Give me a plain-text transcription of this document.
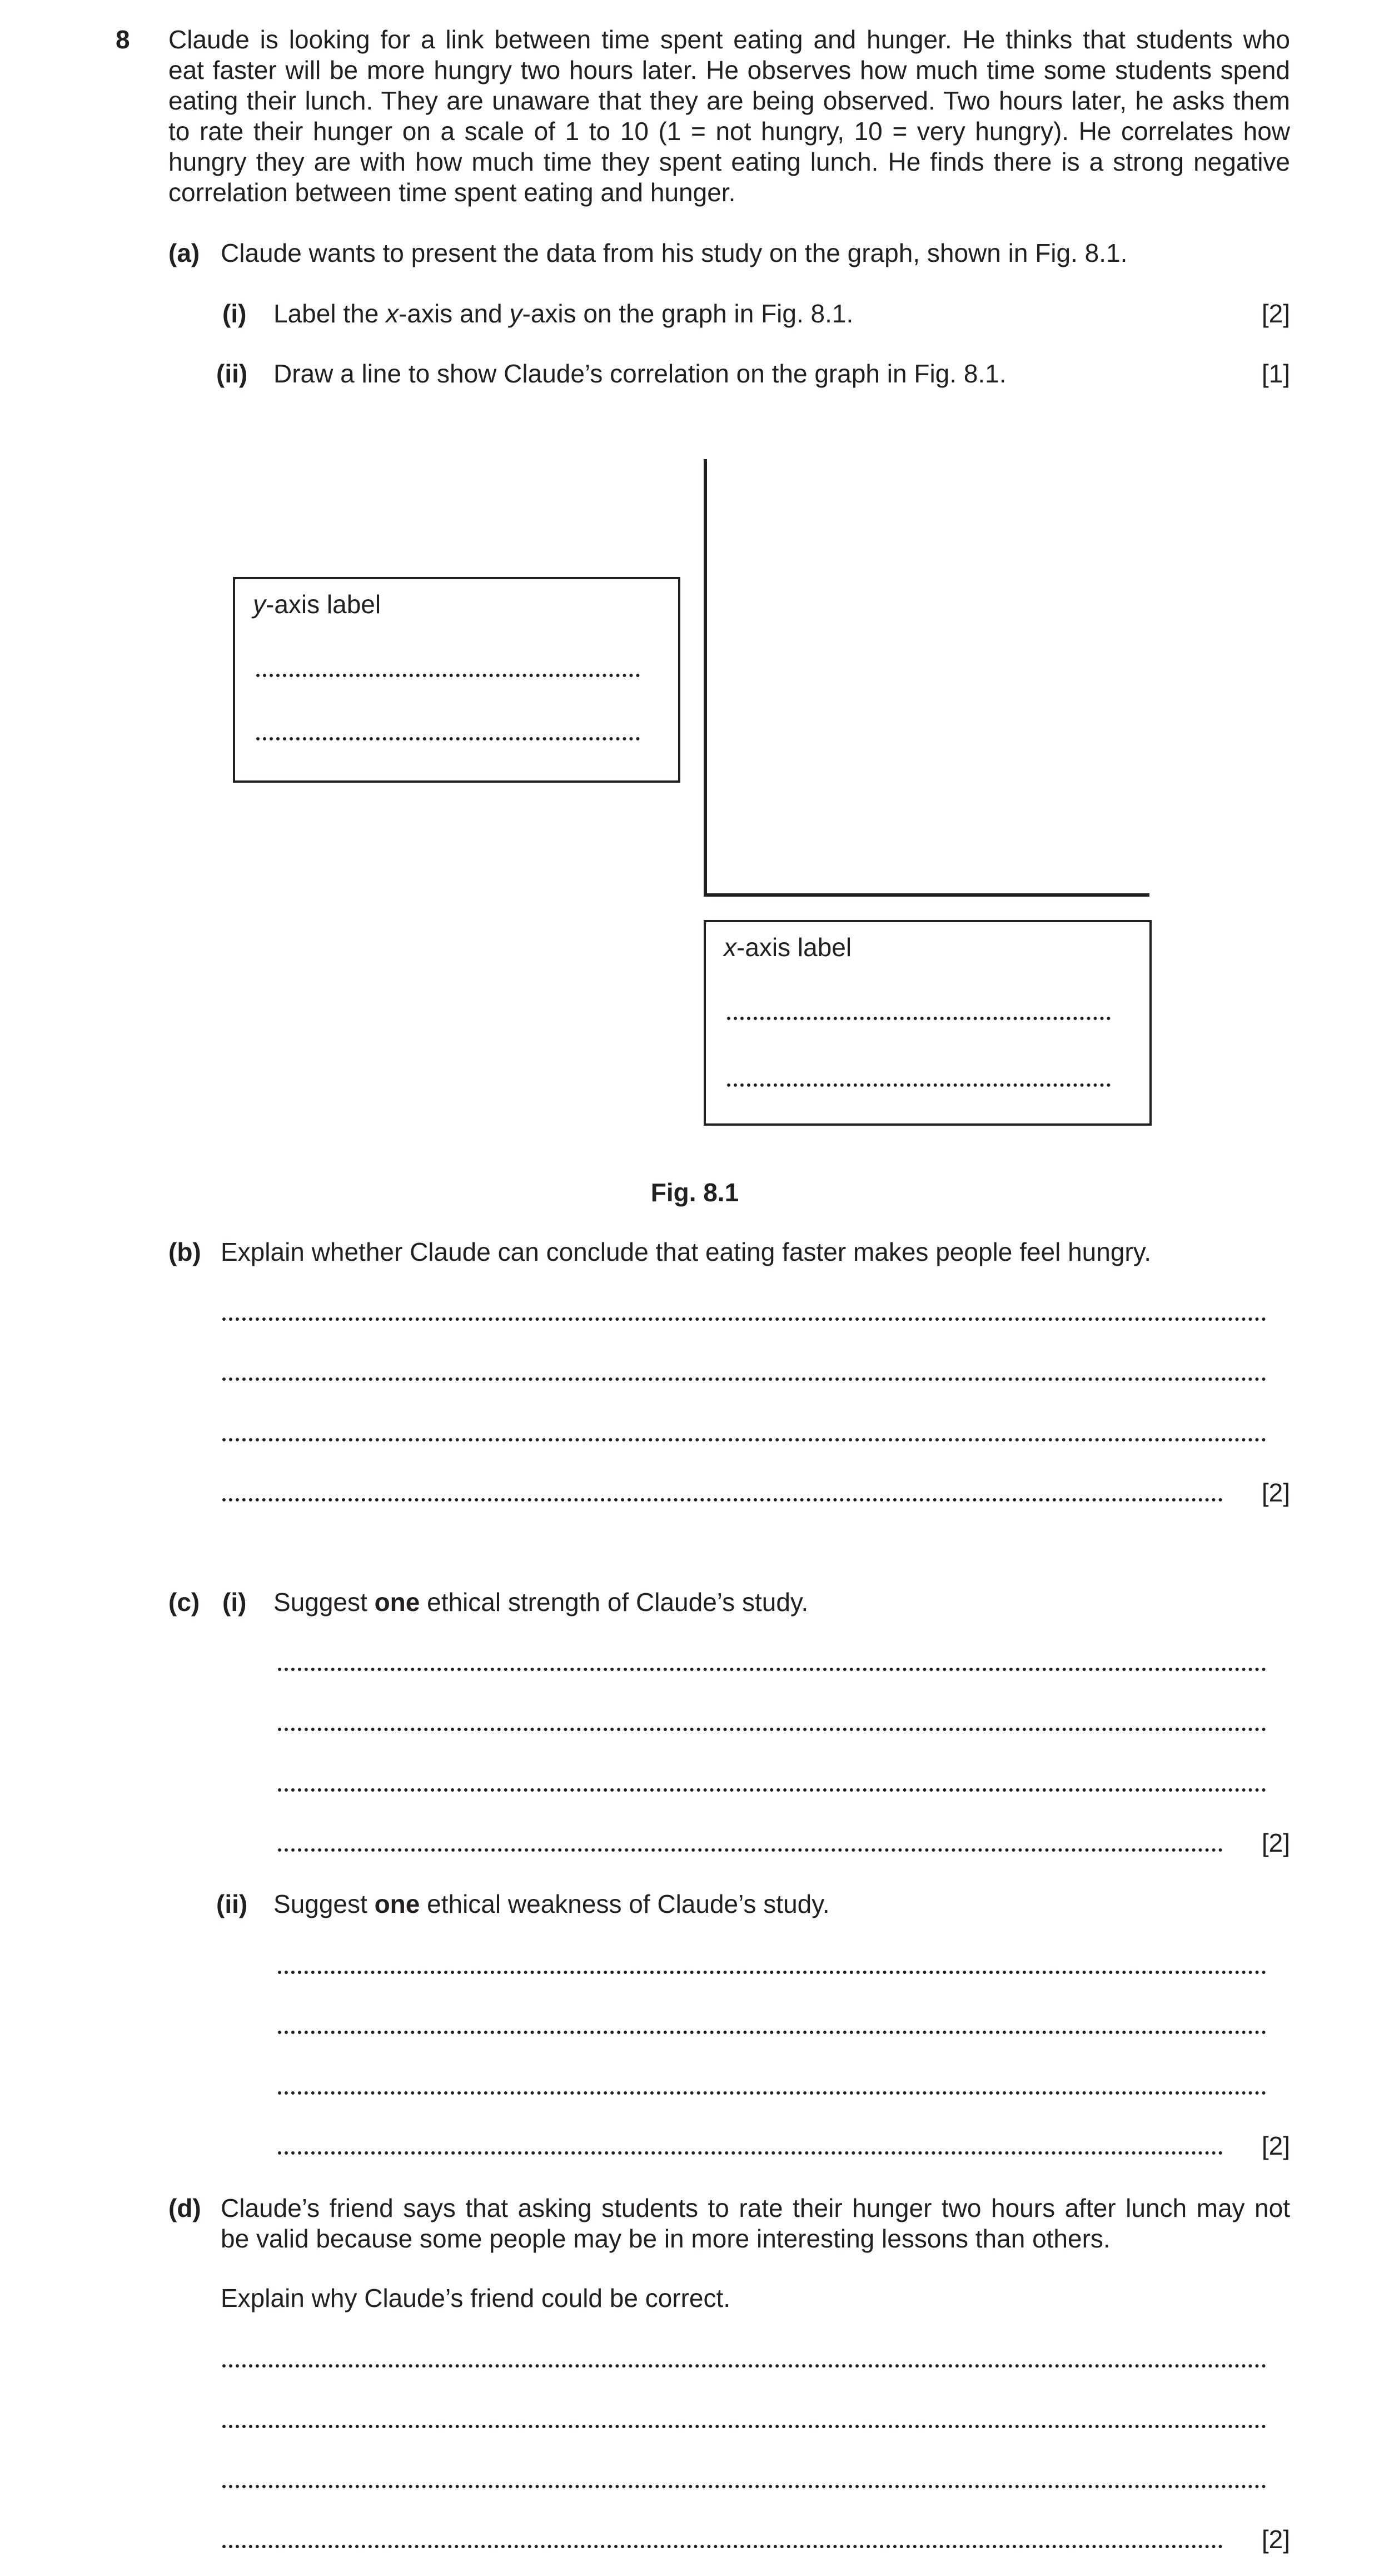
8 Claude is looking for a link between time spent eating and hunger. He thinks that students who
eat faster will be more hungry two hours later. He observes how much time some students spend
eating their lunch. They are unaware that they are being observed. Two hours later, he asks them
to rate their hunger on a scale of 1 to 10 (1 = not hungry, 10 = very hungry). He correlates how
hungry they are with how much time they spent eating lunch. He finds there is a strong negative
correlation between time spent eating and hunger.
(a) Claude wants to present the data from his study on the graph, shown in Fig. 8.1.
(i) Label the x-axis and y-axis on the graph in Fig. 8.1.	[2]
(ii) Draw a line to show Claude’s correlation on the graph in Fig. 8.1.	[1]
y-axis label
x-axis label
Fig. 8.1
(b) Explain whether Claude can conclude that eating faster makes people feel hungry.
[2]
(c) (i) Suggest one ethical strength of Claude’s study.
[2]
(ii) Suggest one ethical weakness of Claude’s study.
[2]
(d) Claude’s friend says that asking students to rate their hunger two hours after lunch may not
be valid because some people may be in more interesting lessons than others.
Explain why Claude’s friend could be correct.
[2]
